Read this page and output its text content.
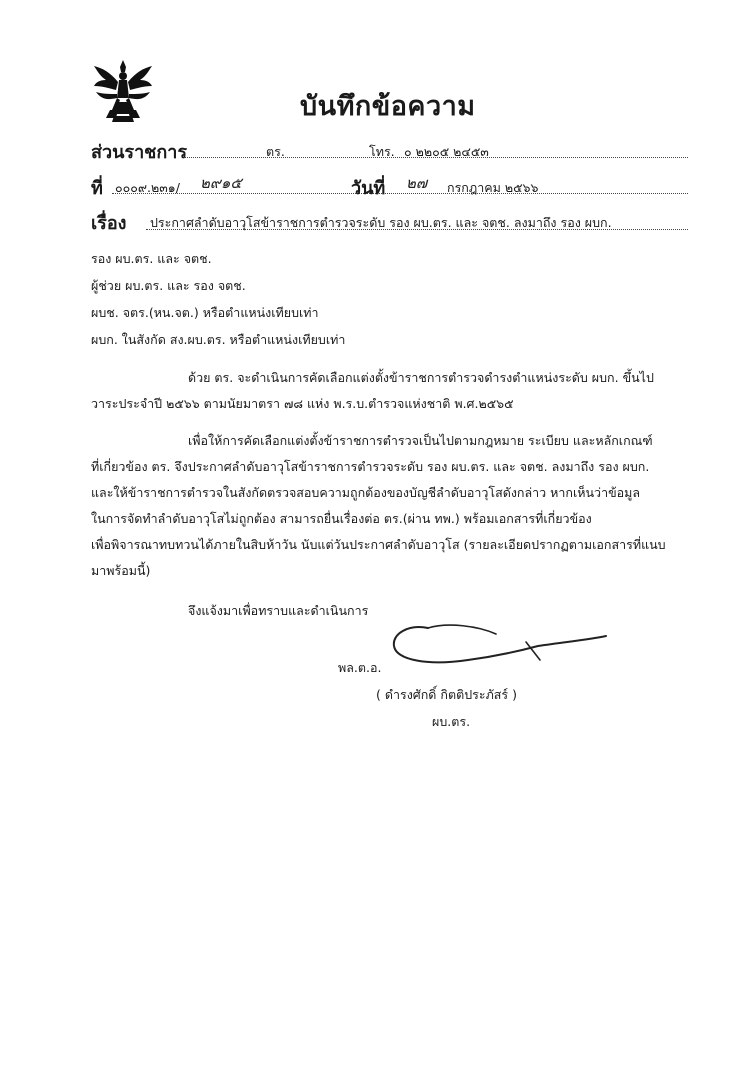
บันทึกข้อความ
ส่วนราชการ	ตร.	โทร. ๐ ๒๒๐๕ ๒๔๕๓
ที่ ๐๐๐๙.๒๓๑/ ๒๙๑๕	วันที่ ๒๗ กรกฎาคม ๒๕๖๖
เรื่อง ประกาศลำดับอาวุโสข้าราชการตำรวจระดับ รอง ผบ.ตร. และ จตช. ลงมาถึง รอง ผบก.
รอง ผบ.ตร. และ จตช.
ผู้ช่วย ผบ.ตร. และ รอง จตช.
ผบช. จตร.(หน.จต.) หรือตำแหน่งเทียบเท่า
ผบก. ในสังกัด สง.ผบ.ตร. หรือตำแหน่งเทียบเท่า
ด้วย ตร. จะดำเนินการคัดเลือกแต่งตั้งข้าราชการตำรวจดำรงตำแหน่งระดับ ผบก. ขึ้นไป
วาระประจำปี ๒๕๖๖ ตามนัยมาตรา ๗๘ แห่ง พ.ร.บ.ตำรวจแห่งชาติ พ.ศ.๒๕๖๕
เพื่อให้การคัดเลือกแต่งตั้งข้าราชการตำรวจเป็นไปตามกฎหมาย ระเบียบ และหลักเกณฑ์
ที่เกี่ยวข้อง ตร. จึงประกาศลำดับอาวุโสข้าราชการตำรวจระดับ รอง ผบ.ตร. และ จตช. ลงมาถึง รอง ผบก.
และให้ข้าราชการตำรวจในสังกัดตรวจสอบความถูกต้องของบัญชีลำดับอาวุโสดังกล่าว หากเห็นว่าข้อมูล
ในการจัดทำลำดับอาวุโสไม่ถูกต้อง สามารถยื่นเรื่องต่อ ตร.(ผ่าน ทพ.) พร้อมเอกสารที่เกี่ยวข้อง
เพื่อพิจารณาทบทวนได้ภายในสิบห้าวัน นับแต่วันประกาศลำดับอาวุโส (รายละเอียดปรากฏตามเอกสารที่แนบ
มาพร้อมนี้)
จึงแจ้งมาเพื่อทราบและดำเนินการ
พล.ต.อ.
( ดำรงศักดิ์ กิตติประภัสร์ )
ผบ.ตร.
